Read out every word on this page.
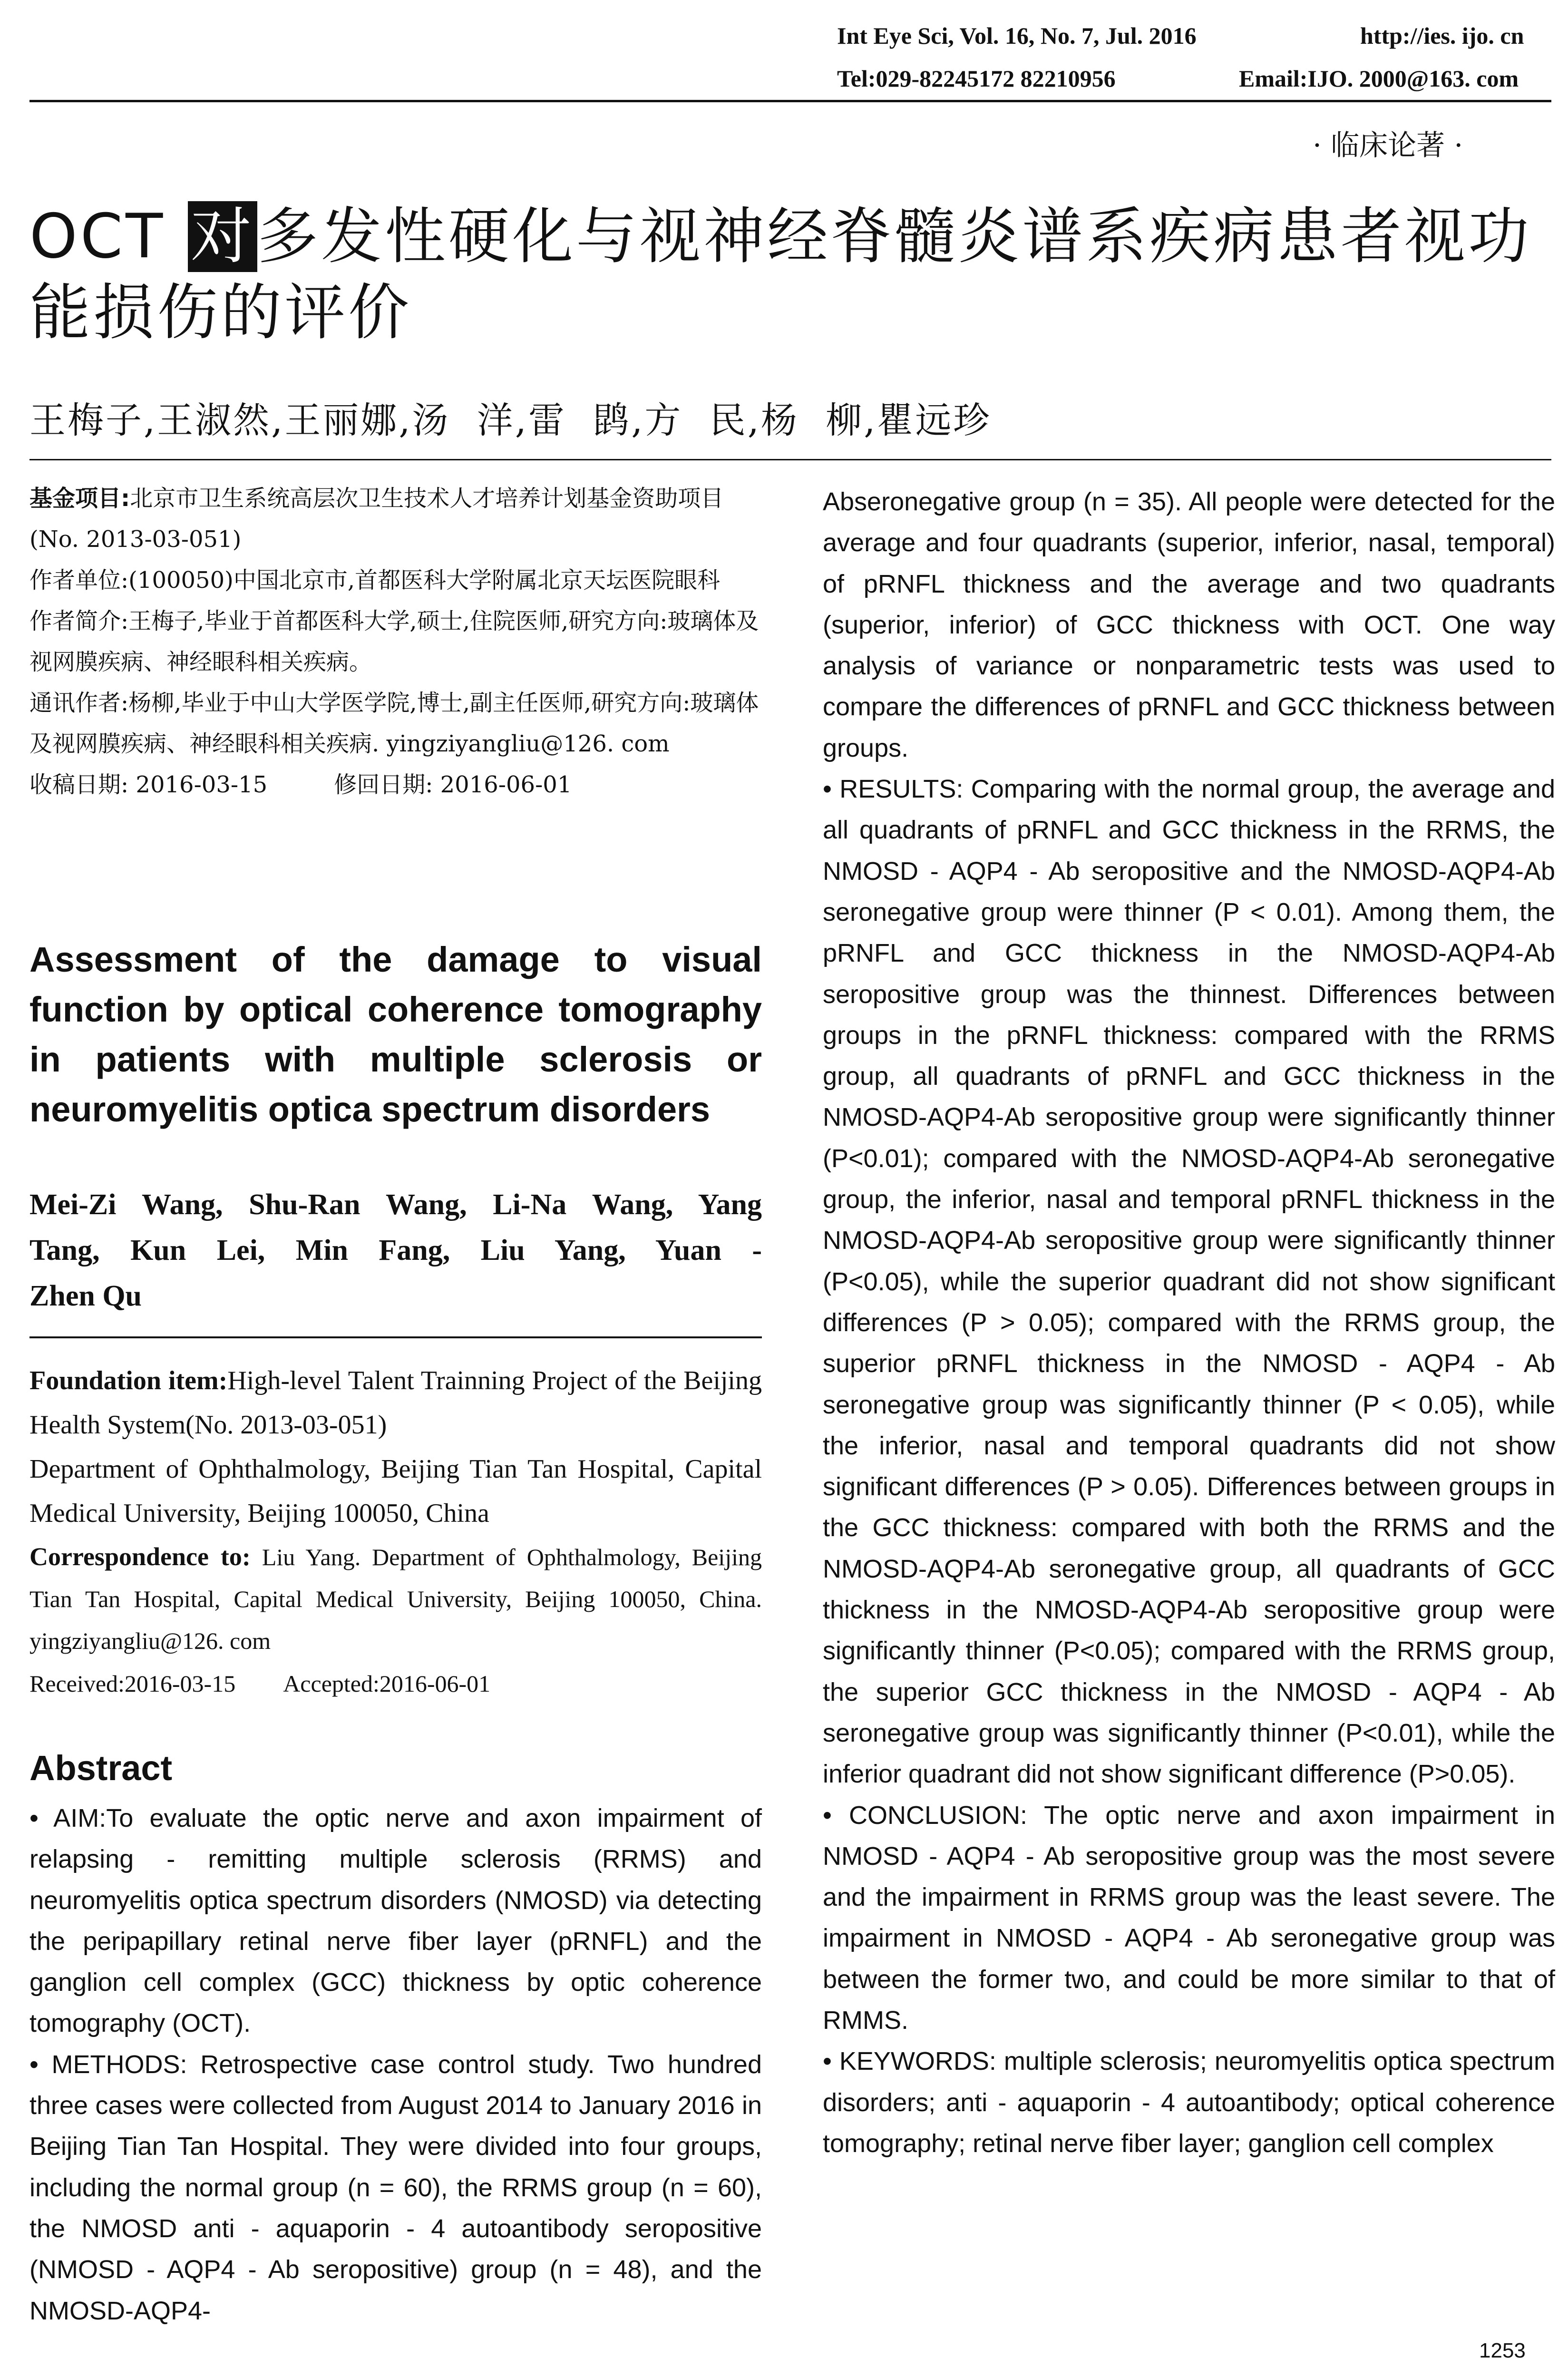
Int Eye Sci, Vol. 16, No. 7, Jul. 2016	http://ies. ijo. cn
Tel:029-82245172 82210956	Email:IJO. 2000@163. com
· 临床论著 ·
OCT 对多发性硬化与视神经脊髓炎谱系疾病患者视功能损伤的评价
王梅子,王淑然,王丽娜,汤  洋,雷  鹍,方  民,杨  柳,瞿远珍

基金项目:北京市卫生系统高层次卫生技术人才培养计划基金资助项目(No. 2013-03-051)

作者单位:(100050)中国北京市,首都医科大学附属北京天坛医院眼科

作者简介:王梅子,毕业于首都医科大学,硕士,住院医师,研究方向:玻璃体及视网膜疾病、神经眼科相关疾病。

通讯作者:杨柳,毕业于中山大学医学院,博士,副主任医师,研究方向:玻璃体及视网膜疾病、神经眼科相关疾病. yingziyangliu@126. com

收稿日期: 2016-03-15	修回日期: 2016-06-01

Assessment of the damage to visual
function by optical coherence tomography
in patients with multiple sclerosis or
neuromyelitis optica spectrum disorders
Mei-Zi Wang, Shu-Ran Wang, Li-Na Wang, Yang
Tang, Kun Lei, Min Fang, Liu Yang, Yuan -
Zhen Qu

Foundation item:High-level Talent Trainning Project of the Beijing Health System(No. 2013-03-051)

Department of Ophthalmology, Beijing Tian Tan Hospital, Capital Medical University, Beijing 100050, China

Correspondence to: Liu Yang. Department of Ophthalmology, Beijing Tian Tan Hospital, Capital Medical University, Beijing 100050, China. yingziyangliu@126. com

Received:2016-03-15 Accepted:2016-06-01

Abstract

• AIM:To evaluate the optic nerve and axon impairment of relapsing - remitting multiple sclerosis (RRMS) and neuromyelitis optica spectrum disorders (NMOSD) via detecting the peripapillary retinal nerve fiber layer (pRNFL) and the ganglion cell complex (GCC) thickness by optic coherence tomography (OCT).

• METHODS: Retrospective case control study. Two hundred three cases were collected from August 2014 to January 2016 in Beijing Tian Tan Hospital. They were divided into four groups, including the normal group (n = 60), the RRMS group (n = 60), the NMOSD anti - aquaporin - 4 autoantibody seropositive (NMOSD - AQP4 - Ab seropositive) group (n = 48), and the NMOSD-AQP4-

Abseronegative group (n = 35). All people were detected for the average and four quadrants (superior, inferior, nasal, temporal) of pRNFL thickness and the average and two quadrants (superior, inferior) of GCC thickness with OCT. One way analysis of variance or nonparametric tests was used to compare the differences of pRNFL and GCC thickness between groups.

• RESULTS: Comparing with the normal group, the average and all quadrants of pRNFL and GCC thickness in the RRMS, the NMOSD - AQP4 - Ab seropositive and the NMOSD-AQP4-Ab seronegative group were thinner (P < 0.01). Among them, the pRNFL and GCC thickness in the NMOSD-AQP4-Ab seropositive group was the thinnest. Differences between groups in the pRNFL thickness: compared with the RRMS group, all quadrants of pRNFL and GCC thickness in the NMOSD-AQP4-Ab seropositive group were significantly thinner (P<0.01); compared with the NMOSD-AQP4-Ab seronegative group, the inferior, nasal and temporal pRNFL thickness in the NMOSD-AQP4-Ab seropositive group were significantly thinner (P<0.05), while the superior quadrant did not show significant differences (P > 0.05); compared with the RRMS group, the superior pRNFL thickness in the NMOSD - AQP4 - Ab seronegative group was significantly thinner (P < 0.05), while the inferior, nasal and temporal quadrants did not show significant differences (P > 0.05). Differences between groups in the GCC thickness: compared with both the RRMS and the NMOSD-AQP4-Ab seronegative group, all quadrants of GCC thickness in the NMOSD-AQP4-Ab seropositive group were significantly thinner (P<0.05); compared with the RRMS group, the superior GCC thickness in the NMOSD - AQP4 - Ab seronegative group was significantly thinner (P<0.01), while the inferior quadrant did not show significant difference (P>0.05).

• CONCLUSION: The optic nerve and axon impairment in NMOSD - AQP4 - Ab seropositive group was the most severe and the impairment in RRMS group was the least severe. The impairment in NMOSD - AQP4 - Ab seronegative group was between the former two, and could be more similar to that of RMMS.

• KEYWORDS: multiple sclerosis; neuromyelitis optica spectrum disorders; anti - aquaporin - 4 autoantibody; optical coherence tomography; retinal nerve fiber layer; ganglion cell complex

1253
